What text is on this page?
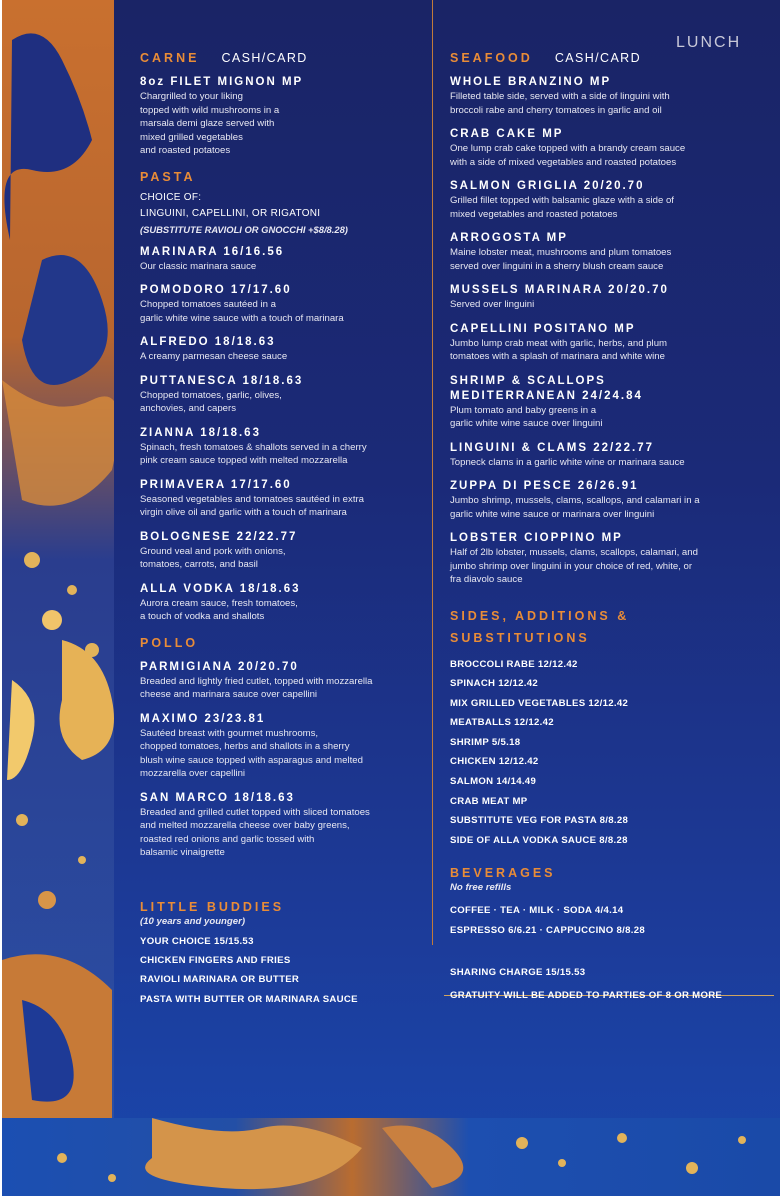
LUNCH
CARNE CASH/CARD
8oz FILET MIGNON MP
Chargrilled to your liking
topped with wild mushrooms in a
marsala demi glaze served with
mixed grilled vegetables
and roasted potatoes
PASTA
CHOICE OF:
LINGUINI, CAPELLINI, OR RIGATONI
(SUBSTITUTE RAVIOLI OR GNOCCHI +$8/8.28)
MARINARA 16/16.56
Our classic marinara sauce
POMODORO 17/17.60
Chopped tomatoes sautéed in a
garlic white wine sauce with a touch of marinara
ALFREDO 18/18.63
A creamy parmesan cheese sauce
PUTTANESCA 18/18.63
Chopped tomatoes, garlic, olives,
anchovies, and capers
ZIANNA 18/18.63
Spinach, fresh tomatoes & shallots served in a cherry
pink cream sauce topped with melted mozzarella
PRIMAVERA 17/17.60
Seasoned vegetables and tomatoes sautéed in extra
virgin olive oil and garlic with a touch of marinara
BOLOGNESE 22/22.77
Ground veal and pork with onions,
tomatoes, carrots, and basil
ALLA VODKA 18/18.63
Aurora cream sauce, fresh tomatoes,
a touch of vodka and shallots
POLLO
PARMIGIANA 20/20.70
Breaded and lightly fried cutlet, topped with mozzarella
cheese and marinara sauce over capellini
MAXIMO 23/23.81
Sautéed breast with gourmet mushrooms,
chopped tomatoes, herbs and shallots in a sherry
blush wine sauce topped with asparagus and melted
mozzarella over capellini
SAN MARCO 18/18.63
Breaded and grilled cutlet topped with sliced tomatoes
and melted mozzarella cheese over baby greens,
roasted red onions and garlic tossed with
balsamic vinaigrette
LITTLE BUDDIES
(10 years and younger)
YOUR CHOICE 15/15.53
CHICKEN FINGERS AND FRIES
RAVIOLI MARINARA OR BUTTER
PASTA WITH BUTTER OR MARINARA SAUCE
SEAFOOD CASH/CARD
WHOLE BRANZINO MP
Filleted table side, served with a side of linguini with
broccoli rabe and cherry tomatoes in garlic and oil
CRAB CAKE MP
One lump crab cake topped with a brandy cream sauce
with a side of mixed vegetables and roasted potatoes
SALMON GRIGLIA 20/20.70
Grilled fillet topped with balsamic glaze with a side of
mixed vegetables and roasted potatoes
ARROGOSTA MP
Maine lobster meat, mushrooms and plum tomatoes
served over linguini in a sherry blush cream sauce
MUSSELS MARINARA 20/20.70
Served over linguini
CAPELLINI POSITANO MP
Jumbo lump crab meat with garlic, herbs, and plum
tomatoes with a splash of marinara and white wine
SHRIMP & SCALLOPS
MEDITERRANEAN 24/24.84
Plum tomato and baby greens in a
garlic white wine sauce over linguini
LINGUINI & CLAMS 22/22.77
Topneck clams in a garlic white wine or marinara sauce
ZUPPA DI PESCE 26/26.91
Jumbo shrimp, mussels, clams, scallops, and calamari in a
garlic white wine sauce or marinara over linguini
LOBSTER CIOPPINO MP
Half of 2lb lobster, mussels, clams, scallops, calamari, and
jumbo shrimp over linguini in your choice of red, white, or
fra diavolo sauce
SIDES, ADDITIONS &
SUBSTITUTIONS
BROCCOLI RABE 12/12.42
SPINACH 12/12.42
MIX GRILLED VEGETABLES 12/12.42
MEATBALLS 12/12.42
SHRIMP 5/5.18
CHICKEN 12/12.42
SALMON 14/14.49
CRAB MEAT MP
SUBSTITUTE VEG FOR PASTA 8/8.28
SIDE OF ALLA VODKA SAUCE 8/8.28
BEVERAGES
No free refills
COFFEE · TEA · MILK · SODA 4/4.14
ESPRESSO 6/6.21 · CAPPUCCINO 8/8.28
SHARING CHARGE 15/15.53
GRATUITY WILL BE ADDED TO PARTIES OF 8 OR MORE
